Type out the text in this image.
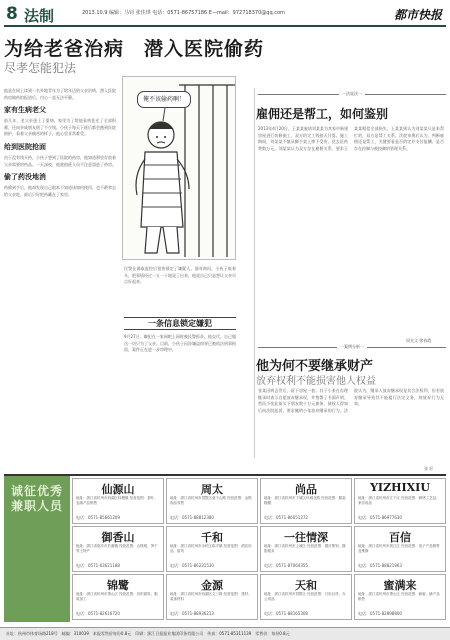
8 法制	2013.10.9 编辑：马钊 张佳琪 电话：0571-86757186 E—mail：972718370@qq.com	都市快报
为给老爸治病　潜入医院偷药
尽孝怎能犯法

他是在网上读到一名外地青年为了给年迈的父亲治病，潜入医院药房偷药的报道后，内心一直无法平静。

家有生病老父

前几年，老父亲患上了重病，家里为了给他看病花光了全部积蓄，还向亲戚朋友借了不少钱。小伙子每天下班后都会跑到医院陪护，看着父亲痛苦的样子，他心里非常难受。

给到医院抢面

由于没有钱买药，小伙子想到了医院的药房，他知道那里存放着父亲需要的药品。一天深夜，他趁值班人员不注意溜进了药房。

偷了药没地消

药偷到手后，他却发现自己根本不知道该如何使用，也不敢拿去给父亲吃，最后只好把药藏在了家里。

俺不该偷药啊！

民警在调取监控后很快锁定了嫌疑人。面对询问，小伙子低着头，把事情经过一五一十地说了出来，他说自己只是想让父亲早点好起来。

一条信息锁定嫌犯

9月27日，嫌犯在一家网吧上网时被民警抓获。他交代，自己做这一切只为了父亲。目前，小伙子因涉嫌盗窃罪已被依法刑事拘留，案件正在进一步审理中。

一法说法一
雇佣还是帮工，如何鉴别

2013年4月20日，王某某雇请刘某某为其家中新建房屋进行装修施工，双方约定工钱按天计算。施工期间，刘某某不慎从脚手架上摔下受伤，花去医药费数万元。刘某某认为双方存在雇佣关系，要求王某某赔偿全部损失；王某某则认为刘某某只是来帮忙的，双方是帮工关系。法院审理后认为，判断雇佣还是帮工，关键要看是否约定并支付报酬、是否存在控制与被控制的管理关系。

周光文 徐春霞
一案例分析一
他为何不要继承财产
放弃权利不能损害他人权益

张某因病去世后，留下房屋一套。其子小张在办理继承时表示自愿放弃继承权，并签署了书面声明。然而小张此前欠下朋友数十万元债务，债权人得知后向法院起诉，要求撤销小张放弃继承的行为。法院认为，继承人放弃继承权是其合法权利，但若放弃继承导致其不能履行法定义务，则放弃行为无效。

张 轩
诚征优秀兼职人员
仙源山
地址：浙江省杭州市西湖区转塘镇 经营范围：茶叶、农副产品销售
电话：0571-85661209
周太
地址：浙江省杭州市拱墅区莫干山路 经营范围：金银饰品零售
电话：0571-88812380
尚品
地址：浙江省杭州市下城区环城北路 经营范围：服装鞋帽
电话：0571-86051272
YIZHIXIU
地址：浙江省杭州市江干区 经营范围：刺绣工艺品、家纺用品
电话：0571-86977630
御香山
地址：浙江省临安市於潜镇 经营范围：山核桃、笋干等土特产
电话：0571-63621188
千和
地址：浙江省杭州市余杭区临平镇 经营范围：酒店用品、厨具
电话：0571-86231530
一往情深
地址：浙江省杭州市上城区 经营范围：婚庆策划、摄影服务
电话：0571-87064355
百信
地址：浙江省杭州市滨江区 经营范围：电子产品销售及维修
电话：0571-88821963
锦鹭
地址：浙江省杭州市萧山区 经营范围：纺织面料、服装加工
电话：0571-82616720
金源
地址：浙江省杭州市西湖区文三路 经营范围：建材、装饰材料
电话：0571-88936213
天和
地址：浙江省杭州市拱墅区 经营范围：日用百货、办公用品
电话：0571-88165308
蜜满来
地址：浙江省杭州市萧山区 经营范围：蜂蜜、蜂产品销售
电话：0571-82898800
社址：杭州市体育场路218号　邮编：310039　本报零售价每份0.8元　印刷：浙江日报报业集团印务有限公司　传真：0571-85311139　零售价：每份0.8元
